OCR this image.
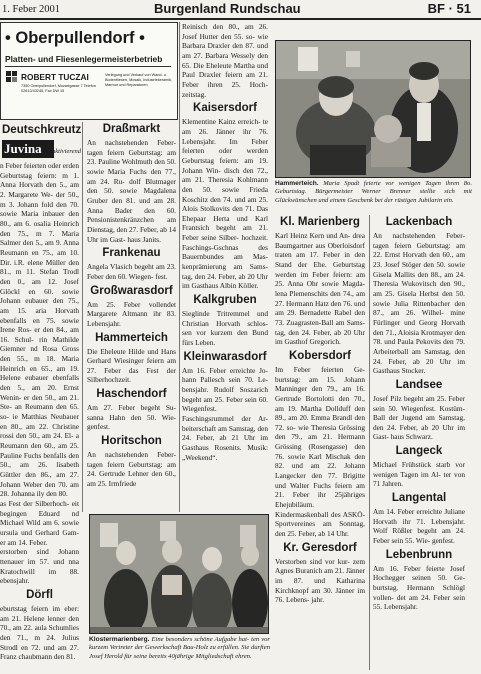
1. Feber 2001	Burgenland Rundschau	BF · 51
• Oberpullendorf •
Platten- und Fliesenlegermeisterbetrieb
ROBERT TUCZAI
7350 Oberpullendorf, Mozartgasse 7 Telefon 02612/43245, Fax DW 15
Verlegung und Verkauf von Wand- u. Bodenfliesen, Mosaik, Industriekeramik, Marmor und Reparaturen
Deutschkreutz
Juvina	aktivierend

n Feber feierten oder erden Geburtstag feiern: m 1. Anna Horvath den 5., am 2. Margarete We- der 50., m 3. Johann fold den 70. sowie Maria inbauer den 80., am 6. osalia Heinrich den 75., m 7. Maria Salmer den 5., am 9. Anna Reumann en 75., am 10. Dir. i.R. elene Müller den 81., m 11. Stefan Trodl den 0., am 12. Josef Glöckl en 60. sowie Johann eubauer den 75., am 15. aria Horvath ebenfalls en 75. sowie Irene Ros- er den 84., am 16. Schul- rin Mathilde Giemner nd Rosa Gross den 55., m 18. Maria Heinrich en 65., am 19. Helene eubauer ebenfalls den 5., am 20. Ernst Wenin- er den 50., am 21. Ste- an Reumann den 65. so- ie Matthias Neubauer en 80., am 22. Christine rossi den 50., am 24. El- a Reumann den 60., am 25. Pauline Fuchs benfalls den 50., am 26. lisabeth Güttler den 86., am 27. Johann Weber den 70. am 28. Johanna ily den 80.

as Fest der Silberhoch- eit begingen Eduard nd Michael Wild am 6. sowie ursula und Gerhard Gam- er am 14. Feber.

erstorben sind Johann ttenauer im 57. und nna Kratochwill im 88. ebensjahr.

Dörfl

eburtstag feiern im eber: am 21. Helene lenner den 70., am 22. aula Schumlies den 71., m 24. Julius Strodl en 72. und am 27. Franz chaubmann den 81.

Draßmarkt

An nachstehenden Feber- tagen feiern Geburtstag: am 23. Pauline Wohlmuth den 50. sowie Maria Fuchs den 77., am 24. Ru- dolf Blutmager den 50. sowie Magdalena Gruber den 81. und am 28. Anna Bader den 60. Pensionistenkränzchen am Dienstag, den 27. Feber, ab 14 Uhr im Gast- haus Janits.

Frankenau

Angela Vlasich begeht am 23. Feber den 60. Wiegen- fest.

Großwarasdorf

Am 25. Feber vollendet Margarete Altmann ihr 83. Lebensjahr.

Hammerteich

Die Eheleute Hilde und Hans Gerhard Wiesinger feiern am 27. Feber das Fest der Silberhochzeit.

Haschendorf

Am 27. Feber begeht Su- sanna Hahn den 50. Wie- genfest.

Horitschon

An nachstehenden Feber- tagen feiern Geburtstag: am 24. Gertrude Lehner den 60., am 25. Irmfriede

Reinisch den 80., am 26. Josef Hutter den 55. so- wie Barbara Draxler den 87. und am 27. Barbara Wessely den 65. Die Eheleute Martha und Paul Draxler feiern am 21. Feber ihren 25. Hoch- zeitstag.

Kaisersdorf

Klementine Kainz erreich- te am 26. Jänner ihr 76. Lebensjahr. Im Feber feierten oder werden Geburtstag feiern: am 19. Johann Win- disch den 72., am 21. Theresia Kohlmann den 50. sowie Frieda Koschitz den 74. und am 25. Alois Stolkovits den 71. Das Ehepaar Herta und Karl Frantsich begeht am 21. Feber seine Silber- hochzeit. Faschings-Gschnas des Bauernbundes am Mas- kenprämierung am Sams- tag, den 24. Feber, ab 20 Uhr im Gasthaus Albin Köller.

Kalkgruben

Sieglinde Tritremmel und Christian Horvath schlos- sen vor kurzem den Bund fürs Leben.

Kleinwarasdorf

Am 16. Feber erreichte Jo- hann Pallesch sein 70. Le- bensjahr. Rudolf Soszarich begeht am 25. Feber sein 60. Wiegenfest. Faschingsrummel der Ar- beiterschaft am Samstag, den 24. Feber, ab 21 Uhr im Gasthaus Rosenits. Musik: „Weekend“.

Hammerteich. Maria Spadt feierte vor wenigen Tagen ihren 8o. Geburtstag. Bürgermeister Werner Brenner stellte sich mit Glückwünschen und einem Geschenk bei der rüstigen Jubilarin ein.
Kl. Marienberg

Karl Heinz Kern und An- drea Baumgartner aus Oberloisdorf traten am 17. Feber in den Stand der Ehe. Geburtstag werden im Feber feiern: am 25. Anna Ohr sowie Magda- lena Plemenschits den 74., am 27. Hermann Hatz den 76. und am 29. Bernadette Rabel den 73. Zuagrasten-Ball am Sams- tag, den 24. Feber, ab 20 Uhr im Gasthof Gregorich.

Kobersdorf

Im Feber feierten Ge- burtstag: am 15. Johann Manninger den 79., am 16. Gertrude Bortolotti den 70., am 19. Martha Dollduff den 89., am 20. Emma Brandl den 72. so- wie Theresia Grössing den 79., am 21. Hermann Grössing (Rosengasse) den 76. sowie Karl Mischak den 82. und am 22. Johann Langecker den 77. Brigitte und Walter Fuchs feiern am 21. Feber ihr 25jähriges Ehejubiläum. Kindermaskenball des ASKÖ-Sportvereines am Sonntag, den 25. Feber, ab 14 Uhr.

Kr. Geresdorf

Verstorben sind vor kur- zem Agnes Buranich am 21. Jänner im 87. und Katharina Kirchknopf am 30. Jänner im 76. Lebens- jahr.

Lackenbach

An nachstehenden Feber- tagen feiern Geburtstag: am 22. Ernst Horvath den 60., am 23. Josef Stöger den 50. sowie Gisela Mallits den 88., am 24. Theresia Wukovitsch den 90., am 25. Gisela Herbst den 50. sowie Julia Rittenbacher den 87., am 26. Wilhel- mine Fürlinger und Georg Horvath den 71., Aloisia Krotmayer den 78. und Paula Pekovits den 79. Arbeiterball am Samstag, den 24. Feber, ab 20 Uhr im Gasthaus Stocker.

Landsee

Josef Pilz begeht am 25. Feber sein 50. Wiegenfest. Kostüm-Ball der Jugend am Samstag, den 24. Feber, ab 20 Uhr im Gast- haus Schwarz.

Langeck

Michael Frühstück starb vor wenigen Tagen im Al- ter von 71 Jahren.

Langental

Am 14. Feber erreichte Juliane Horvath ihr 71. Lebensjahr. Wolf Rößler begeht am 24. Feber sein 55. Wie- genfest.

Lebenbrunn

Am 16. Feber feierte Josef Hochegger seinen 50. Ge- burtstag. Hermann Schlögl vollen- det am 24. Feber sein 55. Lebensjahr.

Klostermarienberg. Eine besonders schöne Aufgabe hat- ten vor kurzem Vertreter der Gewerkschaft Bau-Holz zu erfüllen. Sie durften Josef Herold für seine bereits 40jährige Mitgliedschaft ehren.
